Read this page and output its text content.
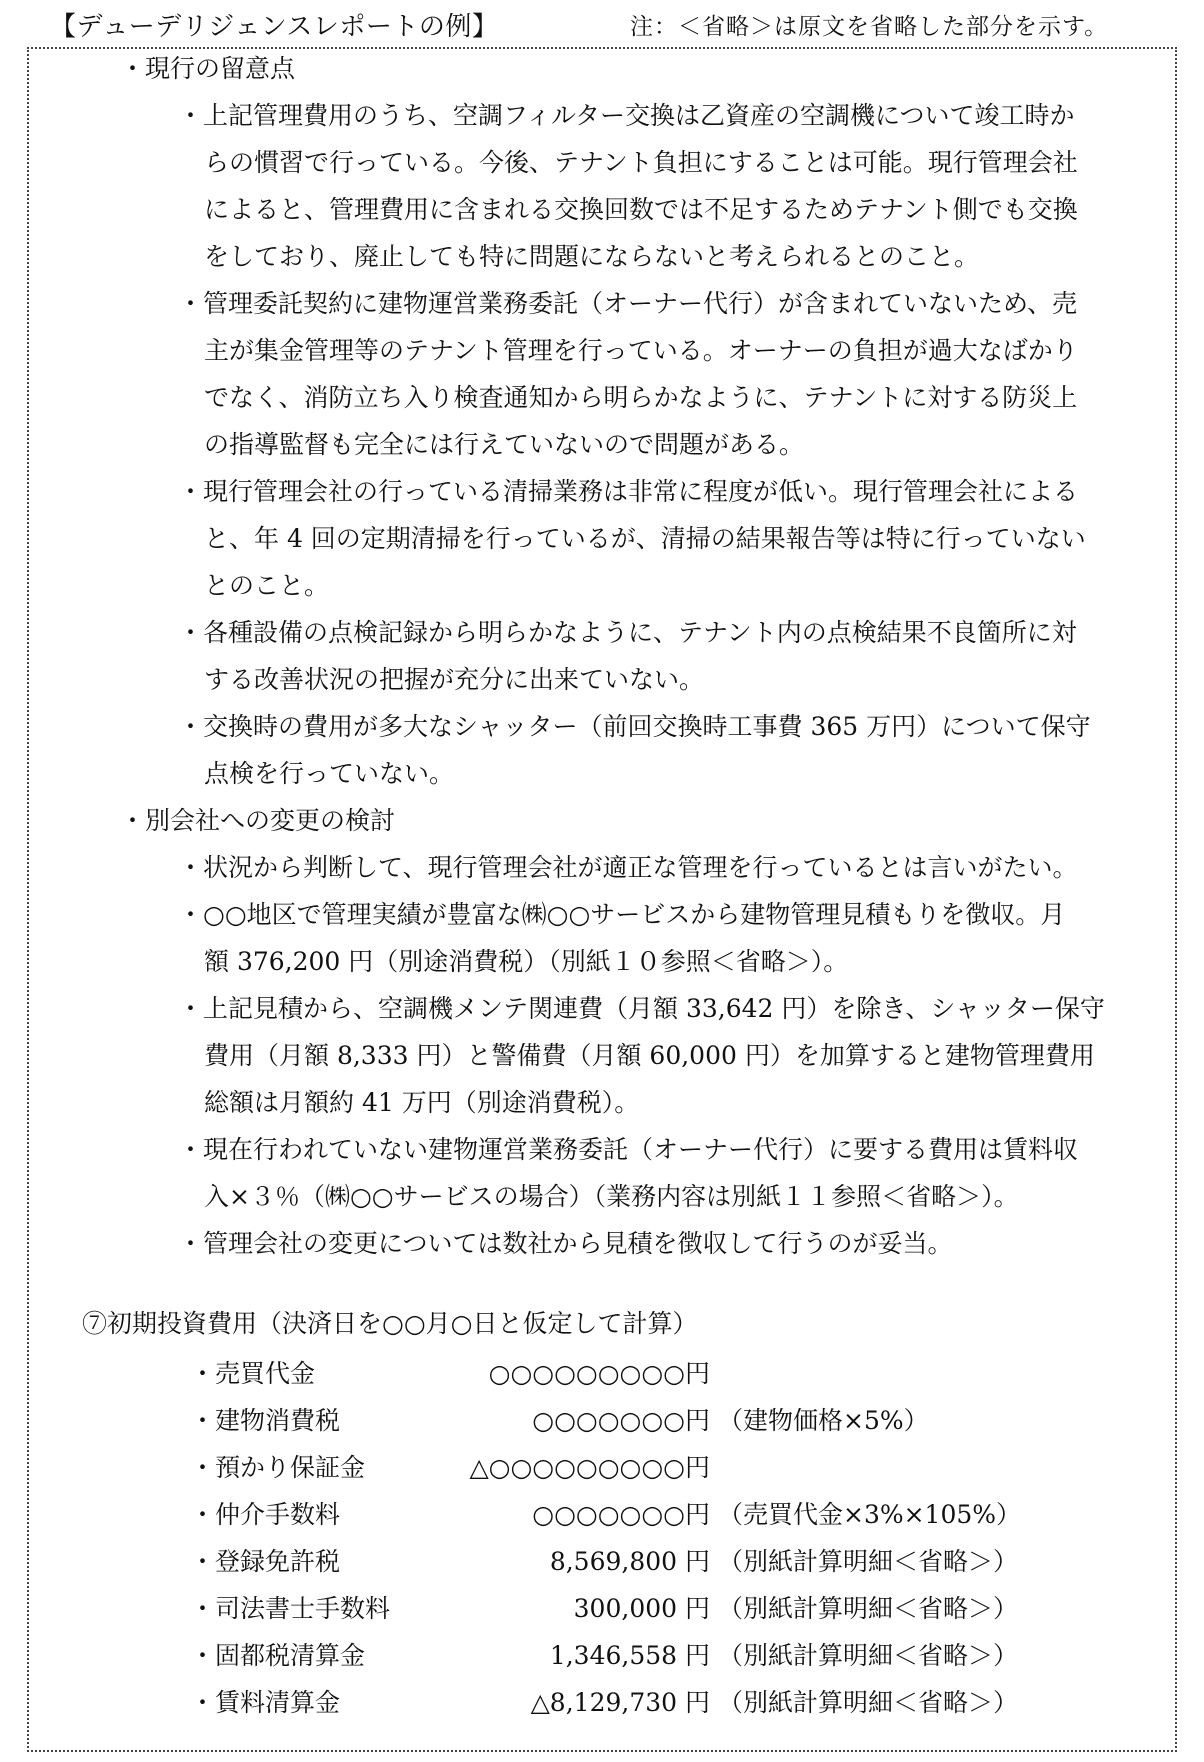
【デューデリジェンスレポートの例】	注：＜省略＞は原文を省略した部分を示す。
・現行の留意点
・上記管理費用のうち、空調フィルター交換は乙資産の空調機について竣工時か
らの慣習で行っている。今後、テナント負担にすることは可能。現行管理会社
によると、管理費用に含まれる交換回数では不足するためテナント側でも交換
をしており、廃止しても特に問題にならないと考えられるとのこと。
・管理委託契約に建物運営業務委託（オーナー代行）が含まれていないため、売
主が集金管理等のテナント管理を行っている。オーナーの負担が過大なばかり
でなく、消防立ち入り検査通知から明らかなように、テナントに対する防災上
の指導監督も完全には行えていないので問題がある。
・現行管理会社の行っている清掃業務は非常に程度が低い。現行管理会社による
と、年 4 回の定期清掃を行っているが、清掃の結果報告等は特に行っていない
とのこと。
・各種設備の点検記録から明らかなように、テナント内の点検結果不良箇所に対
する改善状況の把握が充分に出来ていない。
・交換時の費用が多大なシャッター（前回交換時工事費 365 万円）について保守
点検を行っていない。
・別会社への変更の検討
・状況から判断して、現行管理会社が適正な管理を行っているとは言いがたい。
・○○地区で管理実績が豊富な㈱○○サービスから建物管理見積もりを徴収。月
額 376,200 円（別途消費税）（別紙１０参照＜省略＞）。
・上記見積から、空調機メンテ関連費（月額 33,642 円）を除き、シャッター保守
費用（月額 8,333 円）と警備費（月額 60,000 円）を加算すると建物管理費用
総額は月額約 41 万円（別途消費税）。
・現在行われていない建物運営業務委託（オーナー代行）に要する費用は賃料収
入×３％（㈱○○サービスの場合）（業務内容は別紙１１参照＜省略＞）。
・管理会社の変更については数社から見積を徴収して行うのが妥当。
⑦初期投資費用（決済日を○○月○日と仮定して計算）
・売買代金	○○○○○○○○○円
・建物消費税	○○○○○○○円 （建物価格×5%）
・預かり保証金	△○○○○○○○○○円
・仲介手数料	○○○○○○○円 （売買代金×3%×105%）
・登録免許税	8,569,800 円 （別紙計算明細＜省略＞）
・司法書士手数料	300,000 円 （別紙計算明細＜省略＞）
・固都税清算金	1,346,558 円 （別紙計算明細＜省略＞）
・賃料清算金	△8,129,730 円 （別紙計算明細＜省略＞）
